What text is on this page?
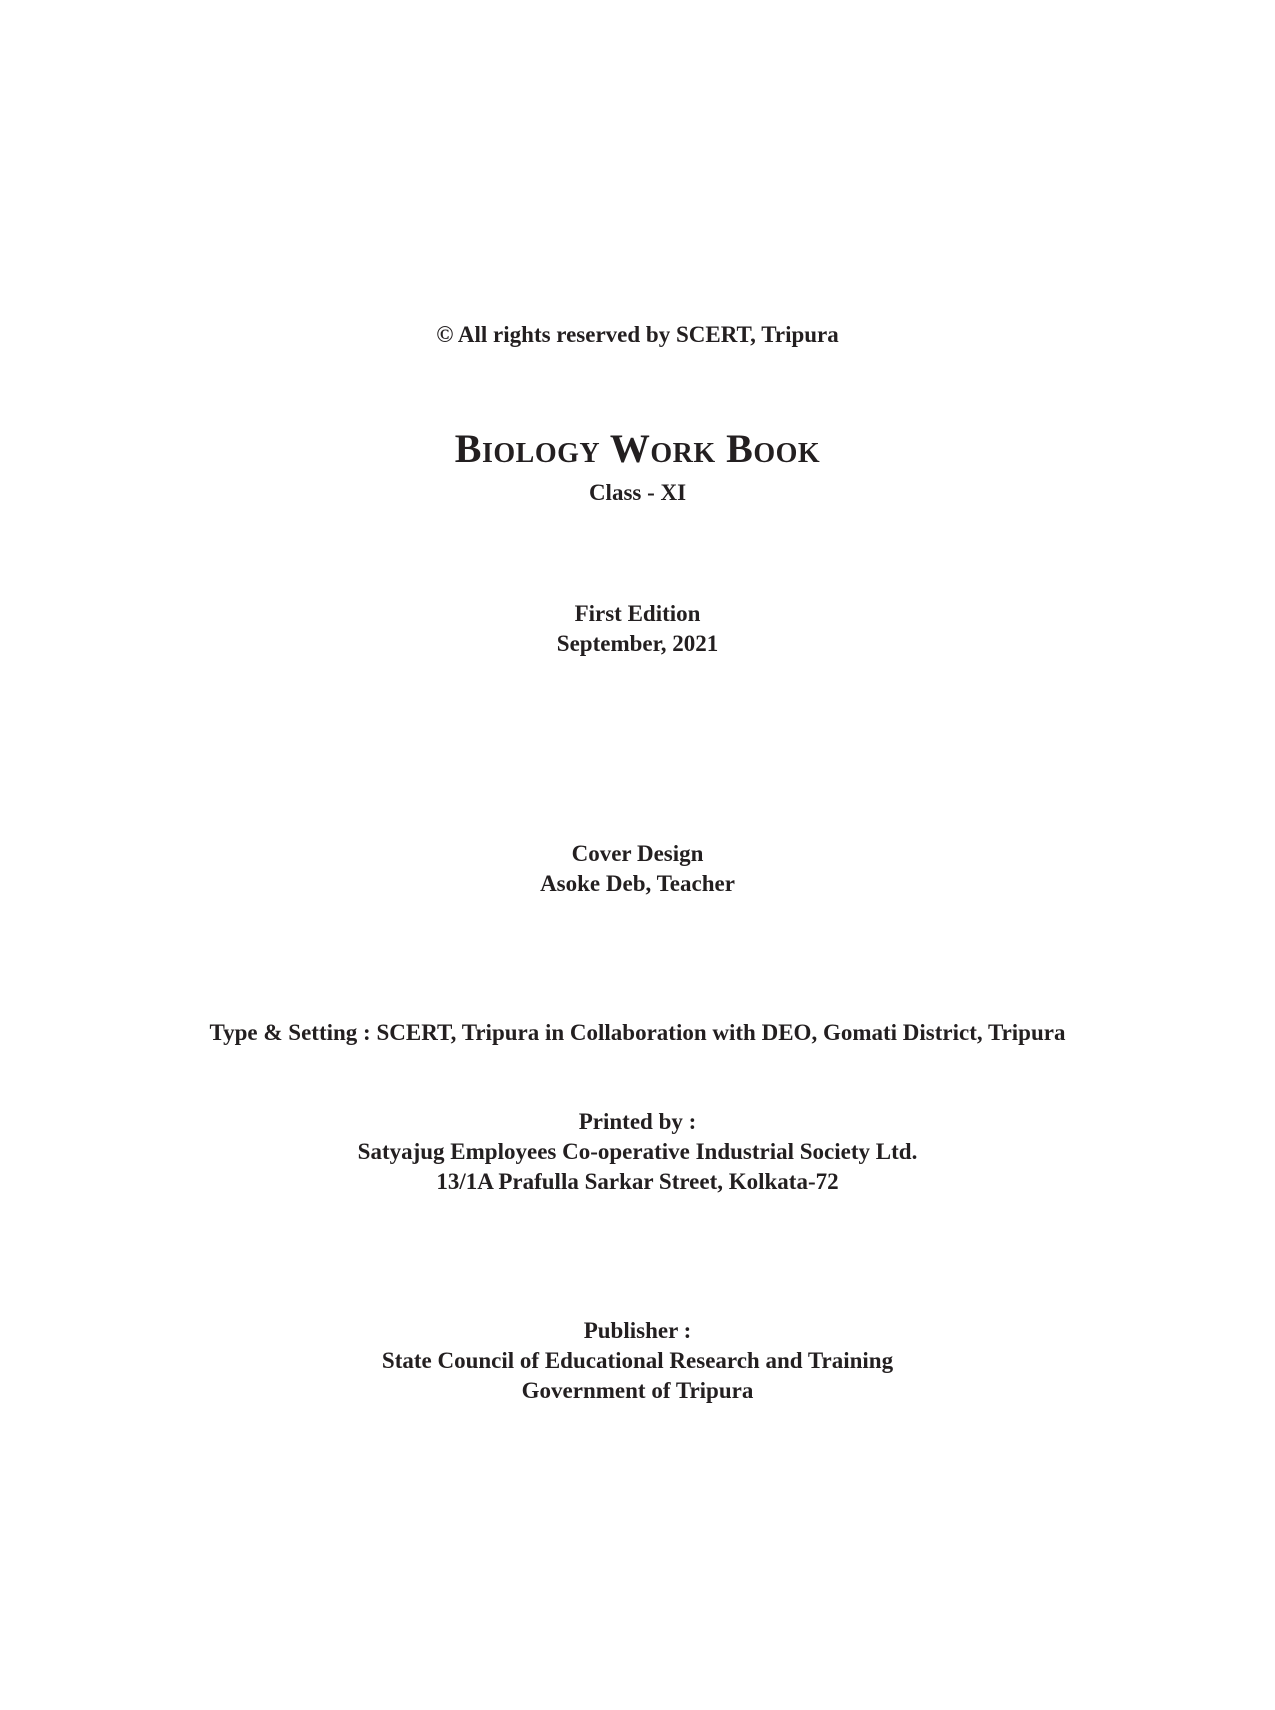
© All rights reserved by SCERT, Tripura
Biology Work Book
Class - XI
First Edition
September, 2021
Cover Design
Asoke Deb, Teacher
Type & Setting : SCERT, Tripura in Collaboration with DEO, Gomati District, Tripura
Printed by :
Satyajug Employees Co-operative Industrial Society Ltd.
13/1A Prafulla Sarkar Street, Kolkata-72
Publisher :
State Council of Educational Research and Training
Government of Tripura
